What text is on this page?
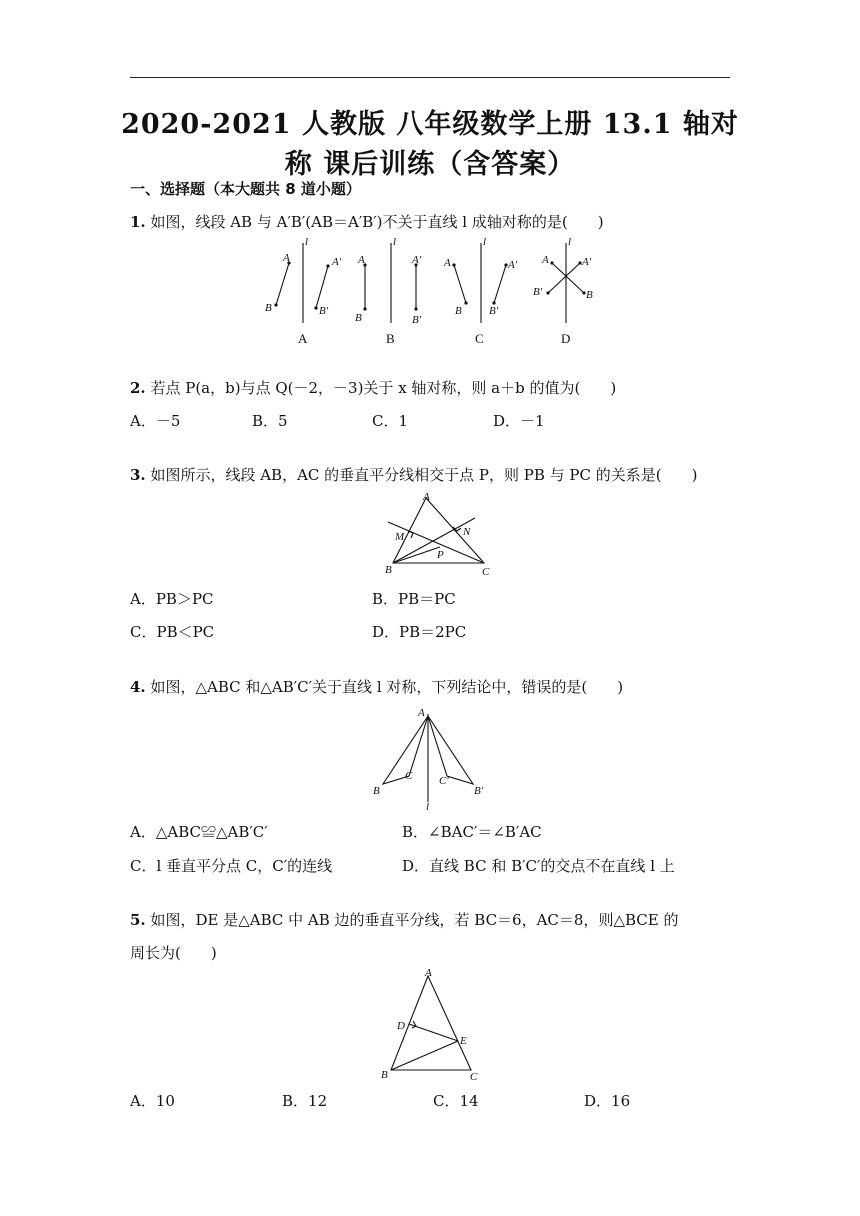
2020-2021 人教版 八年级数学上册 13.1 轴对
称 课后训练（含答案）
一、选择题（本大题共 8 道小题）
1. 如图，线段 AB 与 A′B′(AB＝A′B′)不关于直线 l 成轴对称的是(　　)
l
A	A′
B	B′
A
l
A	A′
B	B′
B
l
A	A′
B B′
C
l
A	A′
B′	B
D
2. 若点 P(a，b)与点 Q(－2，－3)关于 x 轴对称，则 a＋b 的值为(　　)
A．－5	B．5	C．1	D．－1
3. 如图所示，线段 AB，AC 的垂直平分线相交于点 P，则 PB 与 PC 的关系是(　　)
A
M	N
P
B	C
A．PB＞PC	B．PB＝PC
C．PB＜PC	D．PB＝2PC
4. 如图，△ABC 和△AB′C′关于直线 l 对称，下列结论中，错误的是(　　)
A
C C′
B	B′
l
A．△ABC≌△AB′C′	B．∠BAC′＝∠B′AC
C．l 垂直平分点 C，C′的连线	D．直线 BC 和 B′C′的交点不在直线 l 上
5. 如图，DE 是△ABC 中 AB 边的垂直平分线，若 BC＝6，AC＝8，则△BCE 的
周长为(　　)
A
D
E
B	C
A．10	B．12	C．14	D．16
